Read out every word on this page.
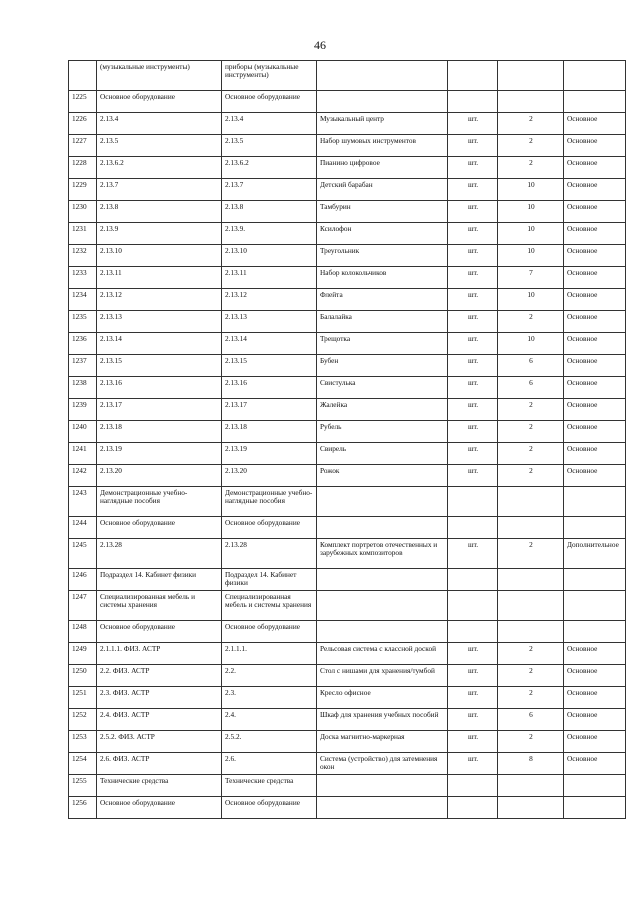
46
	(музыкальные инструменты)	приборы (музыкальные инструменты)				
1225	Основное оборудование	Основное оборудование				
1226	2.13.4	2.13.4	Музыкальный центр	шт.	2	Основное
1227	2.13.5	2.13.5	Набор шумовых инструментов	шт.	2	Основное
1228	2.13.6.2	2.13.6.2	Пианино цифровое	шт.	2	Основное
1229	2.13.7	2.13.7	Детский барабан	шт.	10	Основное
1230	2.13.8	2.13.8	Тамбурин	шт.	10	Основное
1231	2.13.9	2.13.9.	Ксилофон	шт.	10	Основное
1232	2.13.10	2.13.10	Треугольник	шт.	10	Основное
1233	2.13.11	2.13.11	Набор колокольчиков	шт.	7	Основное
1234	2.13.12	2.13.12	Флейта	шт.	10	Основное
1235	2.13.13	2.13.13	Балалайка	шт.	2	Основное
1236	2.13.14	2.13.14	Трещотка	шт.	10	Основное
1237	2.13.15	2.13.15	Бубен	шт.	6	Основное
1238	2.13.16	2.13.16	Свистулька	шт.	6	Основное
1239	2.13.17	2.13.17	Жалейка	шт.	2	Основное
1240	2.13.18	2.13.18	Рубель	шт.	2	Основное
1241	2.13.19	2.13.19	Свирель	шт.	2	Основное
1242	2.13.20	2.13.20	Рожок	шт.	2	Основное
1243	Демонстрационные учебно-наглядные пособия	Демонстрационные учебно-наглядные пособия				
1244	Основное оборудование	Основное оборудование				
1245	2.13.28	2.13.28	Комплект портретов отечественных и зарубежных композиторов	шт.	2	Дополнительное
1246	Подраздел 14. Кабинет физики	Подраздел 14. Кабинет физики				
1247	Специализированная мебель и системы хранения	Специализированная мебель и системы хранения				
1248	Основное оборудование	Основное оборудование				
1249	2.1.1.1. ФИЗ. АСТР	2.1.1.1.	Рельсовая система с классной доской	шт.	2	Основное
1250	2.2. ФИЗ. АСТР	2.2.	Стол с нишами для хранения/тумбой	шт.	2	Основное
1251	2.3. ФИЗ. АСТР	2.3.	Кресло офисное	шт.	2	Основное
1252	2.4. ФИЗ. АСТР	2.4.	Шкаф для хранения учебных пособий	шт.	6	Основное
1253	2.5.2. ФИЗ. АСТР	2.5.2.	Доска магнитно-маркерная	шт.	2	Основное
1254	2.6. ФИЗ. АСТР	2.6.	Система (устройство) для затемнения окон	шт.	8	Основное
1255	Технические средства	Технические средства				
1256	Основное оборудование	Основное оборудование				
